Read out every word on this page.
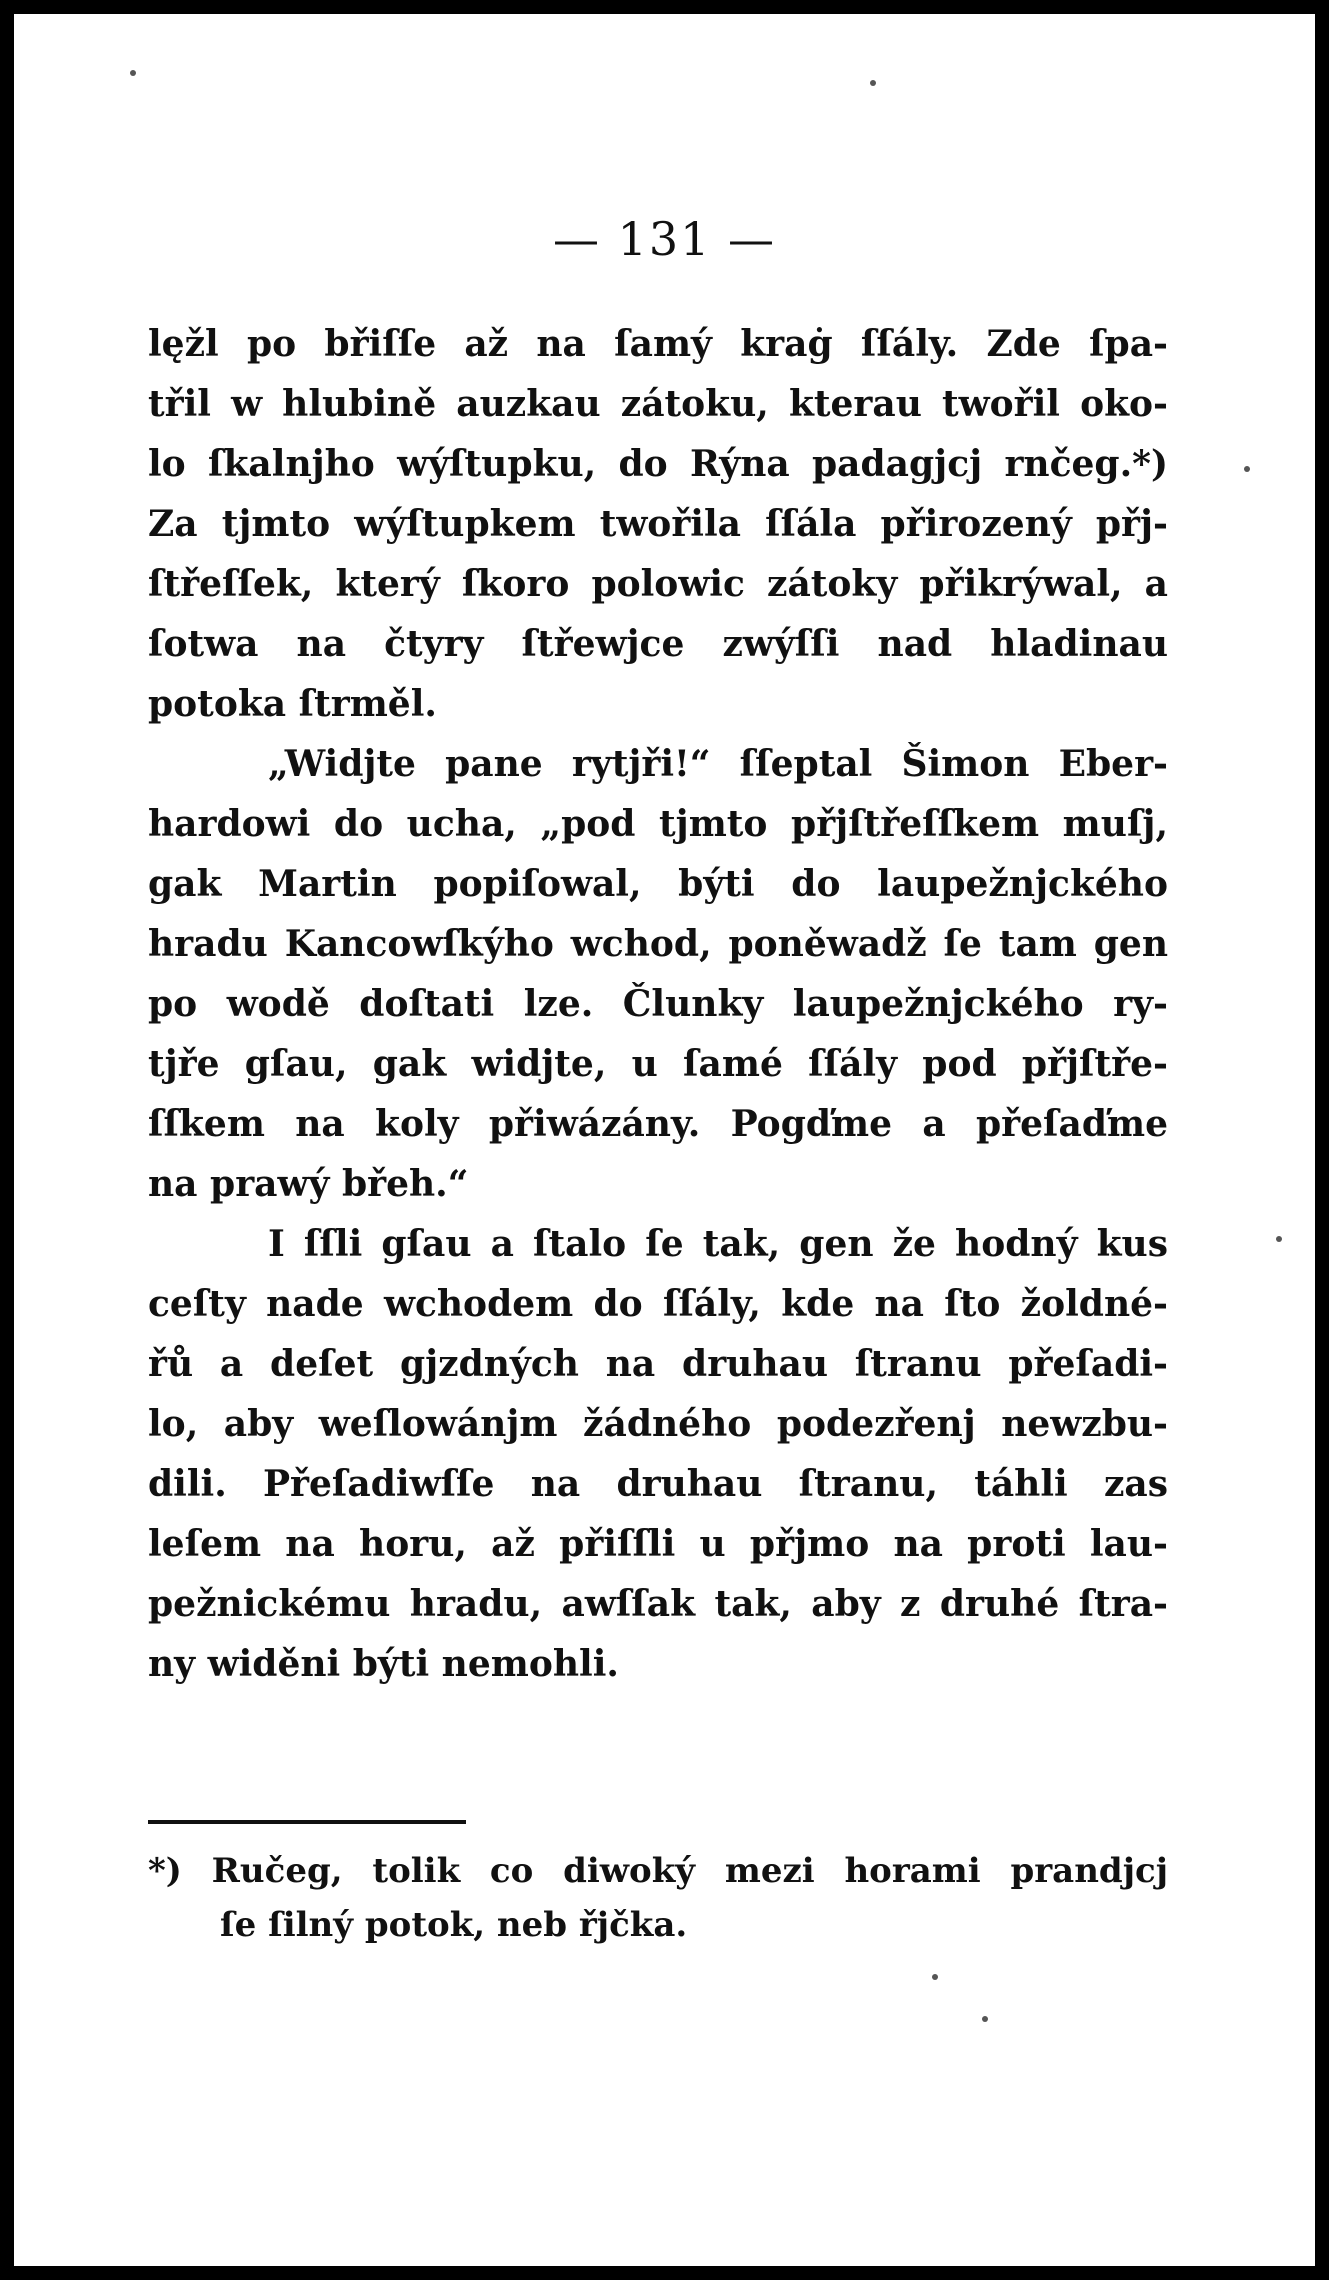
— 131 —
lęžl po břiſſe až na ſamý kraġ ſſály. Zde ſpa-
třil w hlubině auzkau zátoku, kterau twořil oko-
lo ſkalnjho wýſtupku, do Rýna padagjcj rnčeg.*)
Za tjmto wýſtupkem twořila ſſála přirozený přj-
ſtřeſſek, který ſkoro polowic zátoky přikrýwal, a
ſotwa na čtyry ſtřewjce zwýſſi nad hladinau
potoka ſtrměl.
„Widjte pane rytjři!“ ſſeptal Šimon Eber-
hardowi do ucha, „pod tjmto přjſtřeſſkem muſj,
gak Martin popiſowal, býti do laupežnjckého
hradu Kancowſkýho wchod, poněwadž ſe tam gen
po wodě doſtati lze. Člunky laupežnjckého ry-
tjře gſau, gak widjte, u ſamé ſſály pod přjſtře-
ſſkem na koly přiwázány. Pogďme a přeſaďme
na prawý břeh.“
I ſſli gſau a ſtalo ſe tak, gen že hodný kus
ceſty nade wchodem do ſſály, kde na ſto žoldné-
řů a deſet gjzdných na druhau ſtranu přeſadi-
lo, aby weſlowánjm žádného podezřenj newzbu-
dili. Přeſadiwſſe na druhau ſtranu, táhli zas
leſem na horu, až přiſſli u přjmo na proti lau-
pežnickému hradu, awſſak tak, aby z druhé ſtra-
ny widěni býti nemohli.
*) Ručeg, tolik co diwoký mezi horami prandjcj
ſe ſilný potok, neb řjčka.
